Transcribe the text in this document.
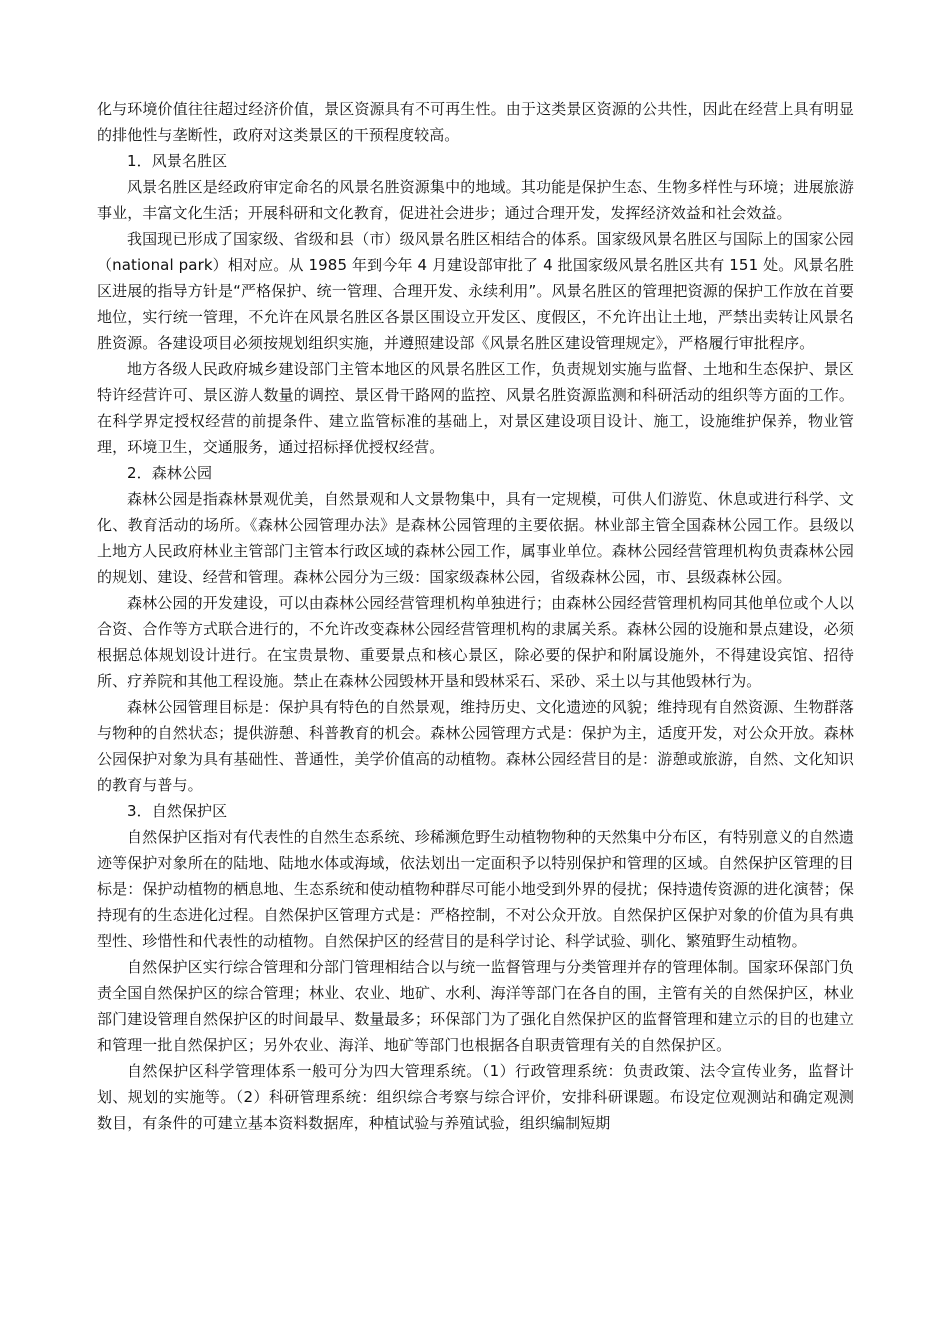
化与环境价值往往超过经济价值，景区资源具有不可再生性。由于这类景区资源的公共性，因此在经营上具有明显的排他性与垄断性，政府对这类景区的干预程度较高。

1．风景名胜区

风景名胜区是经政府审定命名的风景名胜资源集中的地域。其功能是保护生态、生物多样性与环境；进展旅游事业，丰富文化生活；开展科研和文化教育，促进社会进步；通过合理开发，发挥经济效益和社会效益。

我国现已形成了国家级、省级和县（市）级风景名胜区相结合的体系。国家级风景名胜区与国际上的国家公园（national park）相对应。从 1985 年到今年 4 月建设部审批了 4 批国家级风景名胜区共有 151 处。风景名胜区进展的指导方针是“严格保护、统一管理、合理开发、永续利用”。风景名胜区的管理把资源的保护工作放在首要地位，实行统一管理，不允许在风景名胜区各景区围设立开发区、度假区，不允许出让土地，严禁出卖转让风景名胜资源。各建设项目必须按规划组织实施，并遵照建设部《风景名胜区建设管理规定》，严格履行审批程序。

地方各级人民政府城乡建设部门主管本地区的风景名胜区工作，负责规划实施与监督、土地和生态保护、景区特许经营许可、景区游人数量的调控、景区骨干路网的监控、风景名胜资源监测和科研活动的组织等方面的工作。在科学界定授权经营的前提条件、建立监管标准的基础上，对景区建设项目设计、施工，设施维护保养，物业管理，环境卫生，交通服务，通过招标择优授权经营。

2．森林公园

森林公园是指森林景观优美，自然景观和人文景物集中，具有一定规模，可供人们游览、休息或进行科学、文化、教育活动的场所。《森林公园管理办法》是森林公园管理的主要依据。林业部主管全国森林公园工作。县级以上地方人民政府林业主管部门主管本行政区域的森林公园工作，属事业单位。森林公园经营管理机构负责森林公园的规划、建设、经营和管理。森林公园分为三级：国家级森林公园，省级森林公园，市、县级森林公园。

森林公园的开发建设，可以由森林公园经营管理机构单独进行；由森林公园经营管理机构同其他单位或个人以合资、合作等方式联合进行的，不允许改变森林公园经营管理机构的隶属关系。森林公园的设施和景点建设，必须根据总体规划设计进行。在宝贵景物、重要景点和核心景区，除必要的保护和附属设施外，不得建设宾馆、招待所、疗养院和其他工程设施。禁止在森林公园毁林开垦和毁林采石、采砂、采土以与其他毁林行为。

森林公园管理目标是：保护具有特色的自然景观，维持历史、文化遗迹的风貌；维持现有自然资源、生物群落与物种的自然状态；提供游憩、科普教育的机会。森林公园管理方式是：保护为主，适度开发，对公众开放。森林公园保护对象为具有基础性、普通性，美学价值高的动植物。森林公园经营目的是：游憩或旅游，自然、文化知识的教育与普与。

3．自然保护区

自然保护区指对有代表性的自然生态系统、珍稀濒危野生动植物物种的天然集中分布区，有特别意义的自然遗迹等保护对象所在的陆地、陆地水体或海域，依法划出一定面积予以特别保护和管理的区域。自然保护区管理的目标是：保护动植物的栖息地、生态系统和使动植物种群尽可能小地受到外界的侵扰；保持遗传资源的进化演替；保持现有的生态进化过程。自然保护区管理方式是：严格控制，不对公众开放。自然保护区保护对象的价值为具有典型性、珍惜性和代表性的动植物。自然保护区的经营目的是科学讨论、科学试验、驯化、繁殖野生动植物。

自然保护区实行综合管理和分部门管理相结合以与统一监督管理与分类管理并存的管理体制。国家环保部门负责全国自然保护区的综合管理；林业、农业、地矿、水利、海洋等部门在各自的围，主管有关的自然保护区，林业部门建设管理自然保护区的时间最早、数量最多；环保部门为了强化自然保护区的监督管理和建立示的目的也建立和管理一批自然保护区；另外农业、海洋、地矿等部门也根据各自职责管理有关的自然保护区。

自然保护区科学管理体系一般可分为四大管理系统。（1）行政管理系统：负责政策、法令宣传业务，监督计划、规划的实施等。（2）科研管理系统：组织综合考察与综合评价，安排科研课题。布设定位观测站和确定观测数目，有条件的可建立基本资料数据库，种植试验与养殖试验，组织编制短期
